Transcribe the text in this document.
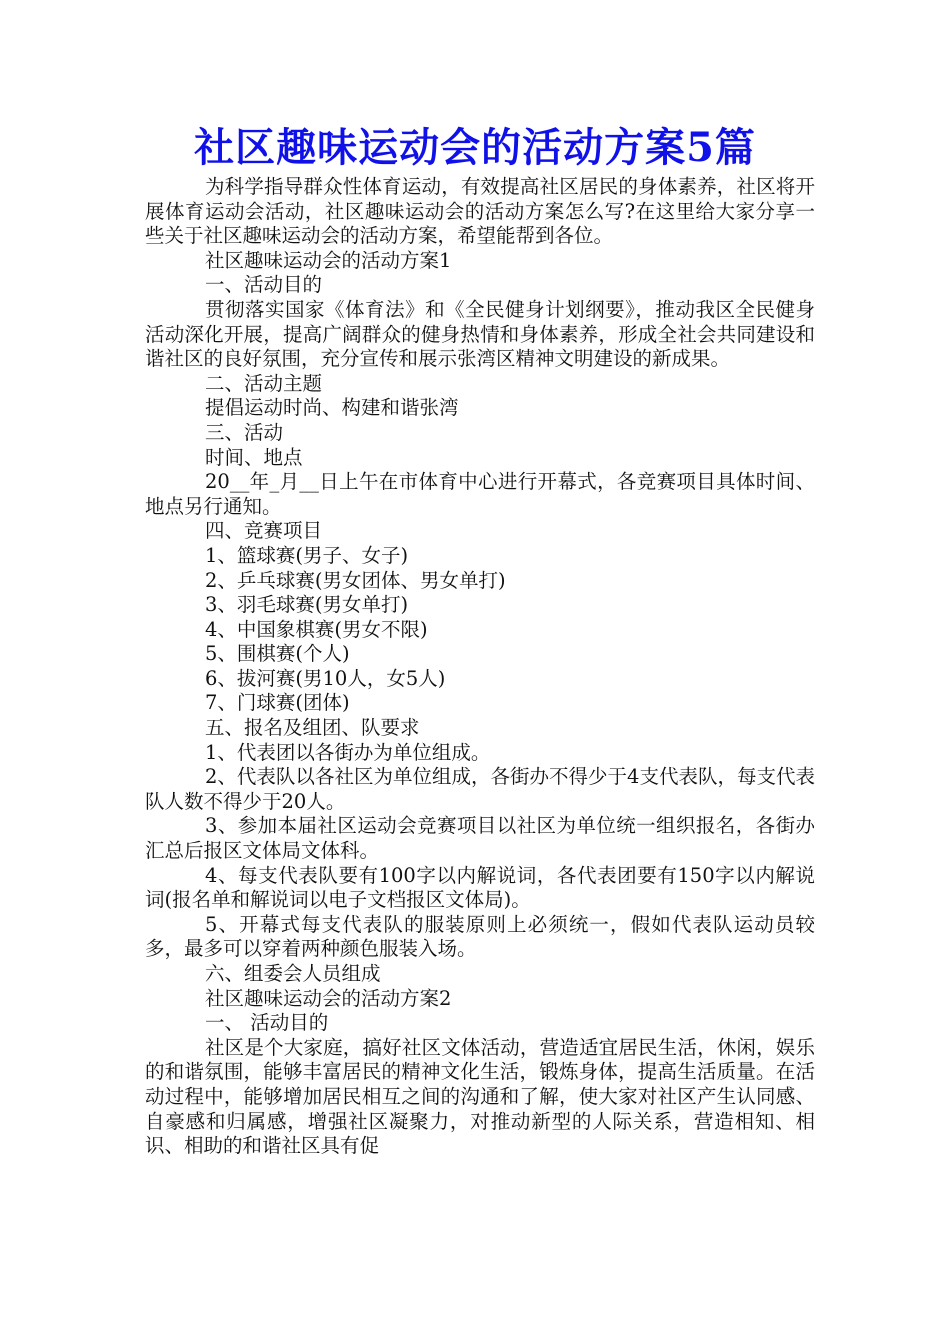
社区趣味运动会的活动方案5篇

为科学指导群众性体育运动，有效提高社区居民的身体素养，社区将开展体育运动会活动，社区趣味运动会的活动方案怎么写?在这里给大家分享一些关于社区趣味运动会的活动方案，希望能帮到各位。

社区趣味运动会的活动方案1

一、活动目的

贯彻落实国家《体育法》和《全民健身计划纲要》，推动我区全民健身活动深化开展，提高广阔群众的健身热情和身体素养，形成全社会共同建设和谐社区的良好氛围，充分宣传和展示张湾区精神文明建设的新成果。

二、活动主题

提倡运动时尚、构建和谐张湾

三、活动

时间、地点

20__年_月__日上午在市体育中心进行开幕式，各竞赛项目具体时间、地点另行通知。

四、竞赛项目

1、篮球赛(男子、女子)

2、乒乓球赛(男女团体、男女单打)

3、羽毛球赛(男女单打)

4、中国象棋赛(男女不限)

5、围棋赛(个人)

6、拔河赛(男10人，女5人)

7、门球赛(团体)

五、报名及组团、队要求

1、代表团以各街办为单位组成。

2、代表队以各社区为单位组成，各街办不得少于4支代表队，每支代表队人数不得少于20人。

3、参加本届社区运动会竞赛项目以社区为单位统一组织报名，各街办汇总后报区文体局文体科。

4、每支代表队要有100字以内解说词，各代表团要有150字以内解说词(报名单和解说词以电子文档报区文体局)。

5、开幕式每支代表队的服装原则上必须统一，假如代表队运动员较多，最多可以穿着两种颜色服装入场。

六、组委会人员组成

社区趣味运动会的活动方案2

一、 活动目的

社区是个大家庭，搞好社区文体活动，营造适宜居民生活，休闲，娱乐的和谐氛围，能够丰富居民的精神文化生活，锻炼身体，提高生活质量。在活动过程中，能够增加居民相互之间的沟通和了解，使大家对社区产生认同感、自豪感和归属感，增强社区凝聚力，对推动新型的人际关系，营造相知、相识、相助的和谐社区具有促
